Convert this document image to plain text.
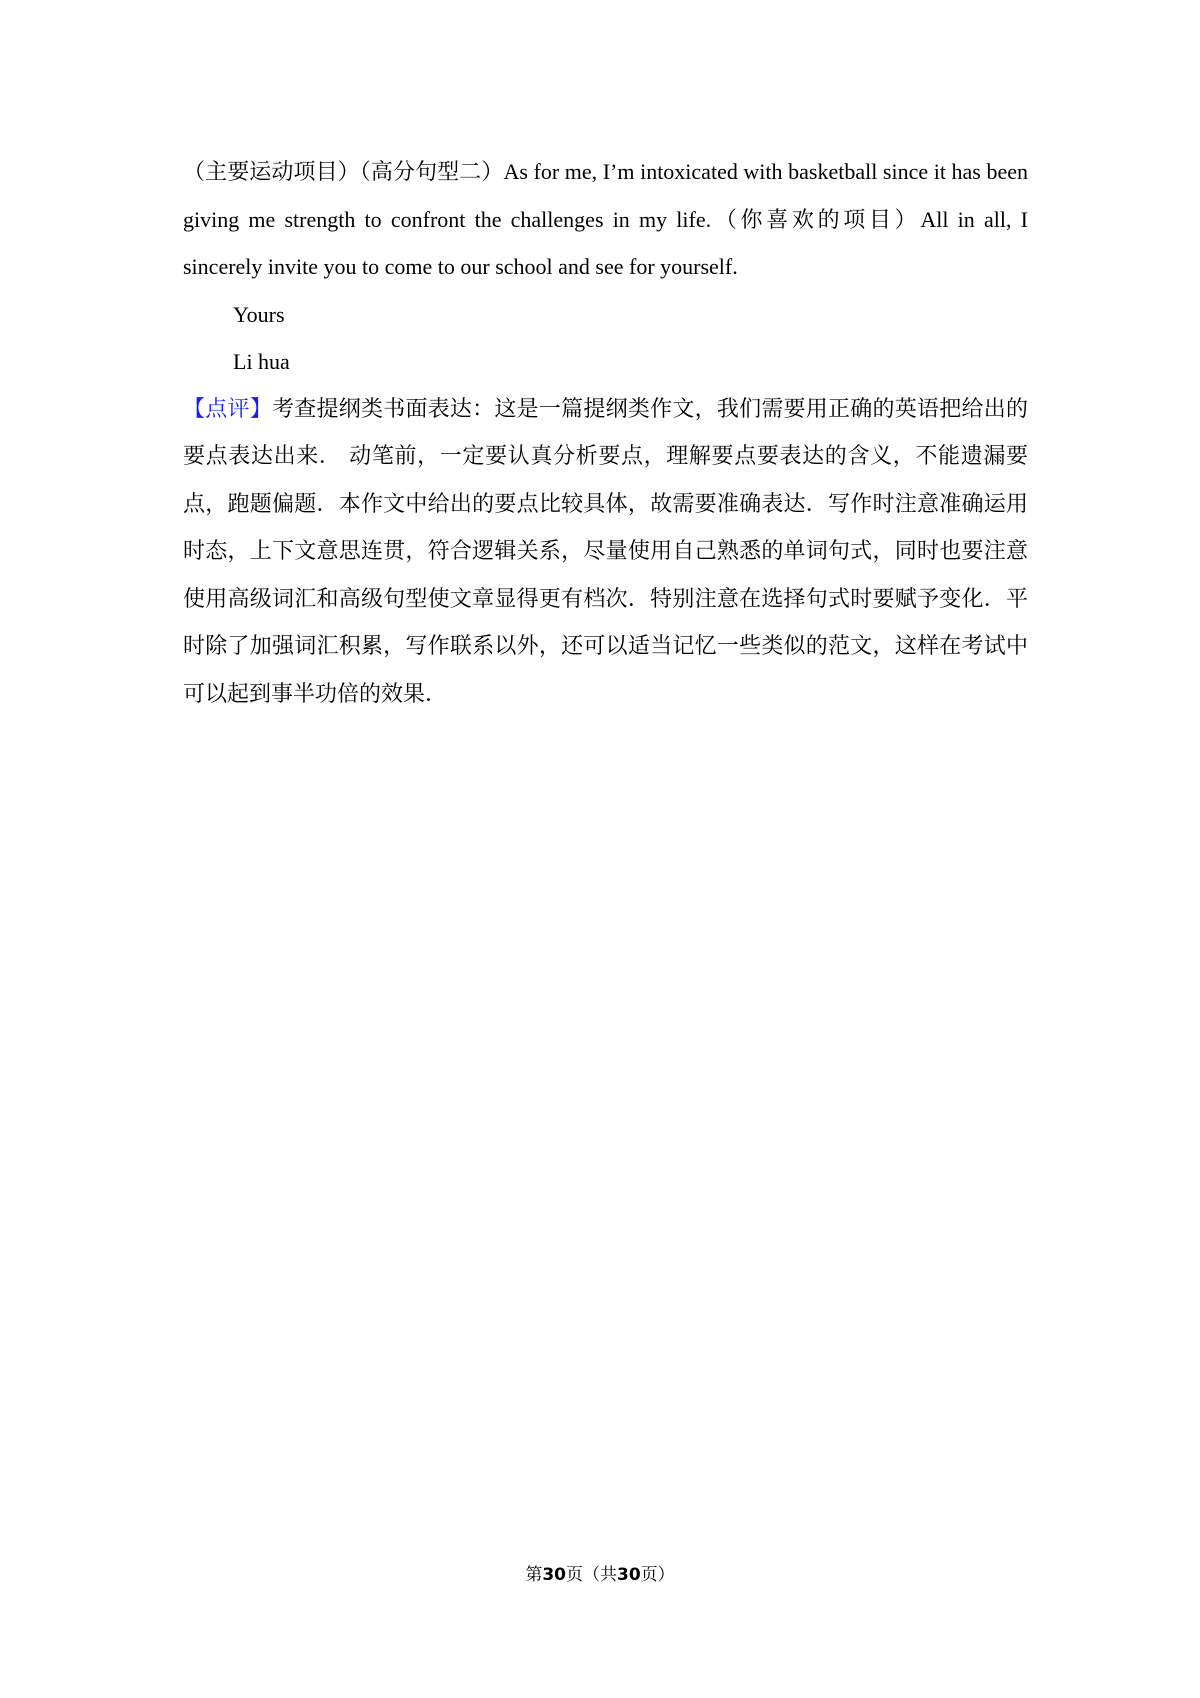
（主要运动项目）（高分句型二）As for me, I’m intoxicated with basketball since it has been giving me strength to confront the challenges in my life.（你喜欢的项目）All in all, I sincerely invite you to come to our school and see for yourself.

Yours

Li hua

【点评】考查提纲类书面表达：这是一篇提纲类作文，我们需要用正确的英语把给出的要点表达出来． 动笔前，一定要认真分析要点，理解要点要表达的含义，不能遗漏要点，跑题偏题．本作文中给出的要点比较具体，故需要准确表达．写作时注意准确运用时态，上下文意思连贯，符合逻辑关系，尽量使用自己熟悉的单词句式，同时也要注意使用高级词汇和高级句型使文章显得更有档次．特别注意在选择句式时要赋予变化．平时除了加强词汇积累，写作联系以外，还可以适当记忆一些类似的范文，这样在考试中可以起到事半功倍的效果．

第30页（共30页）
